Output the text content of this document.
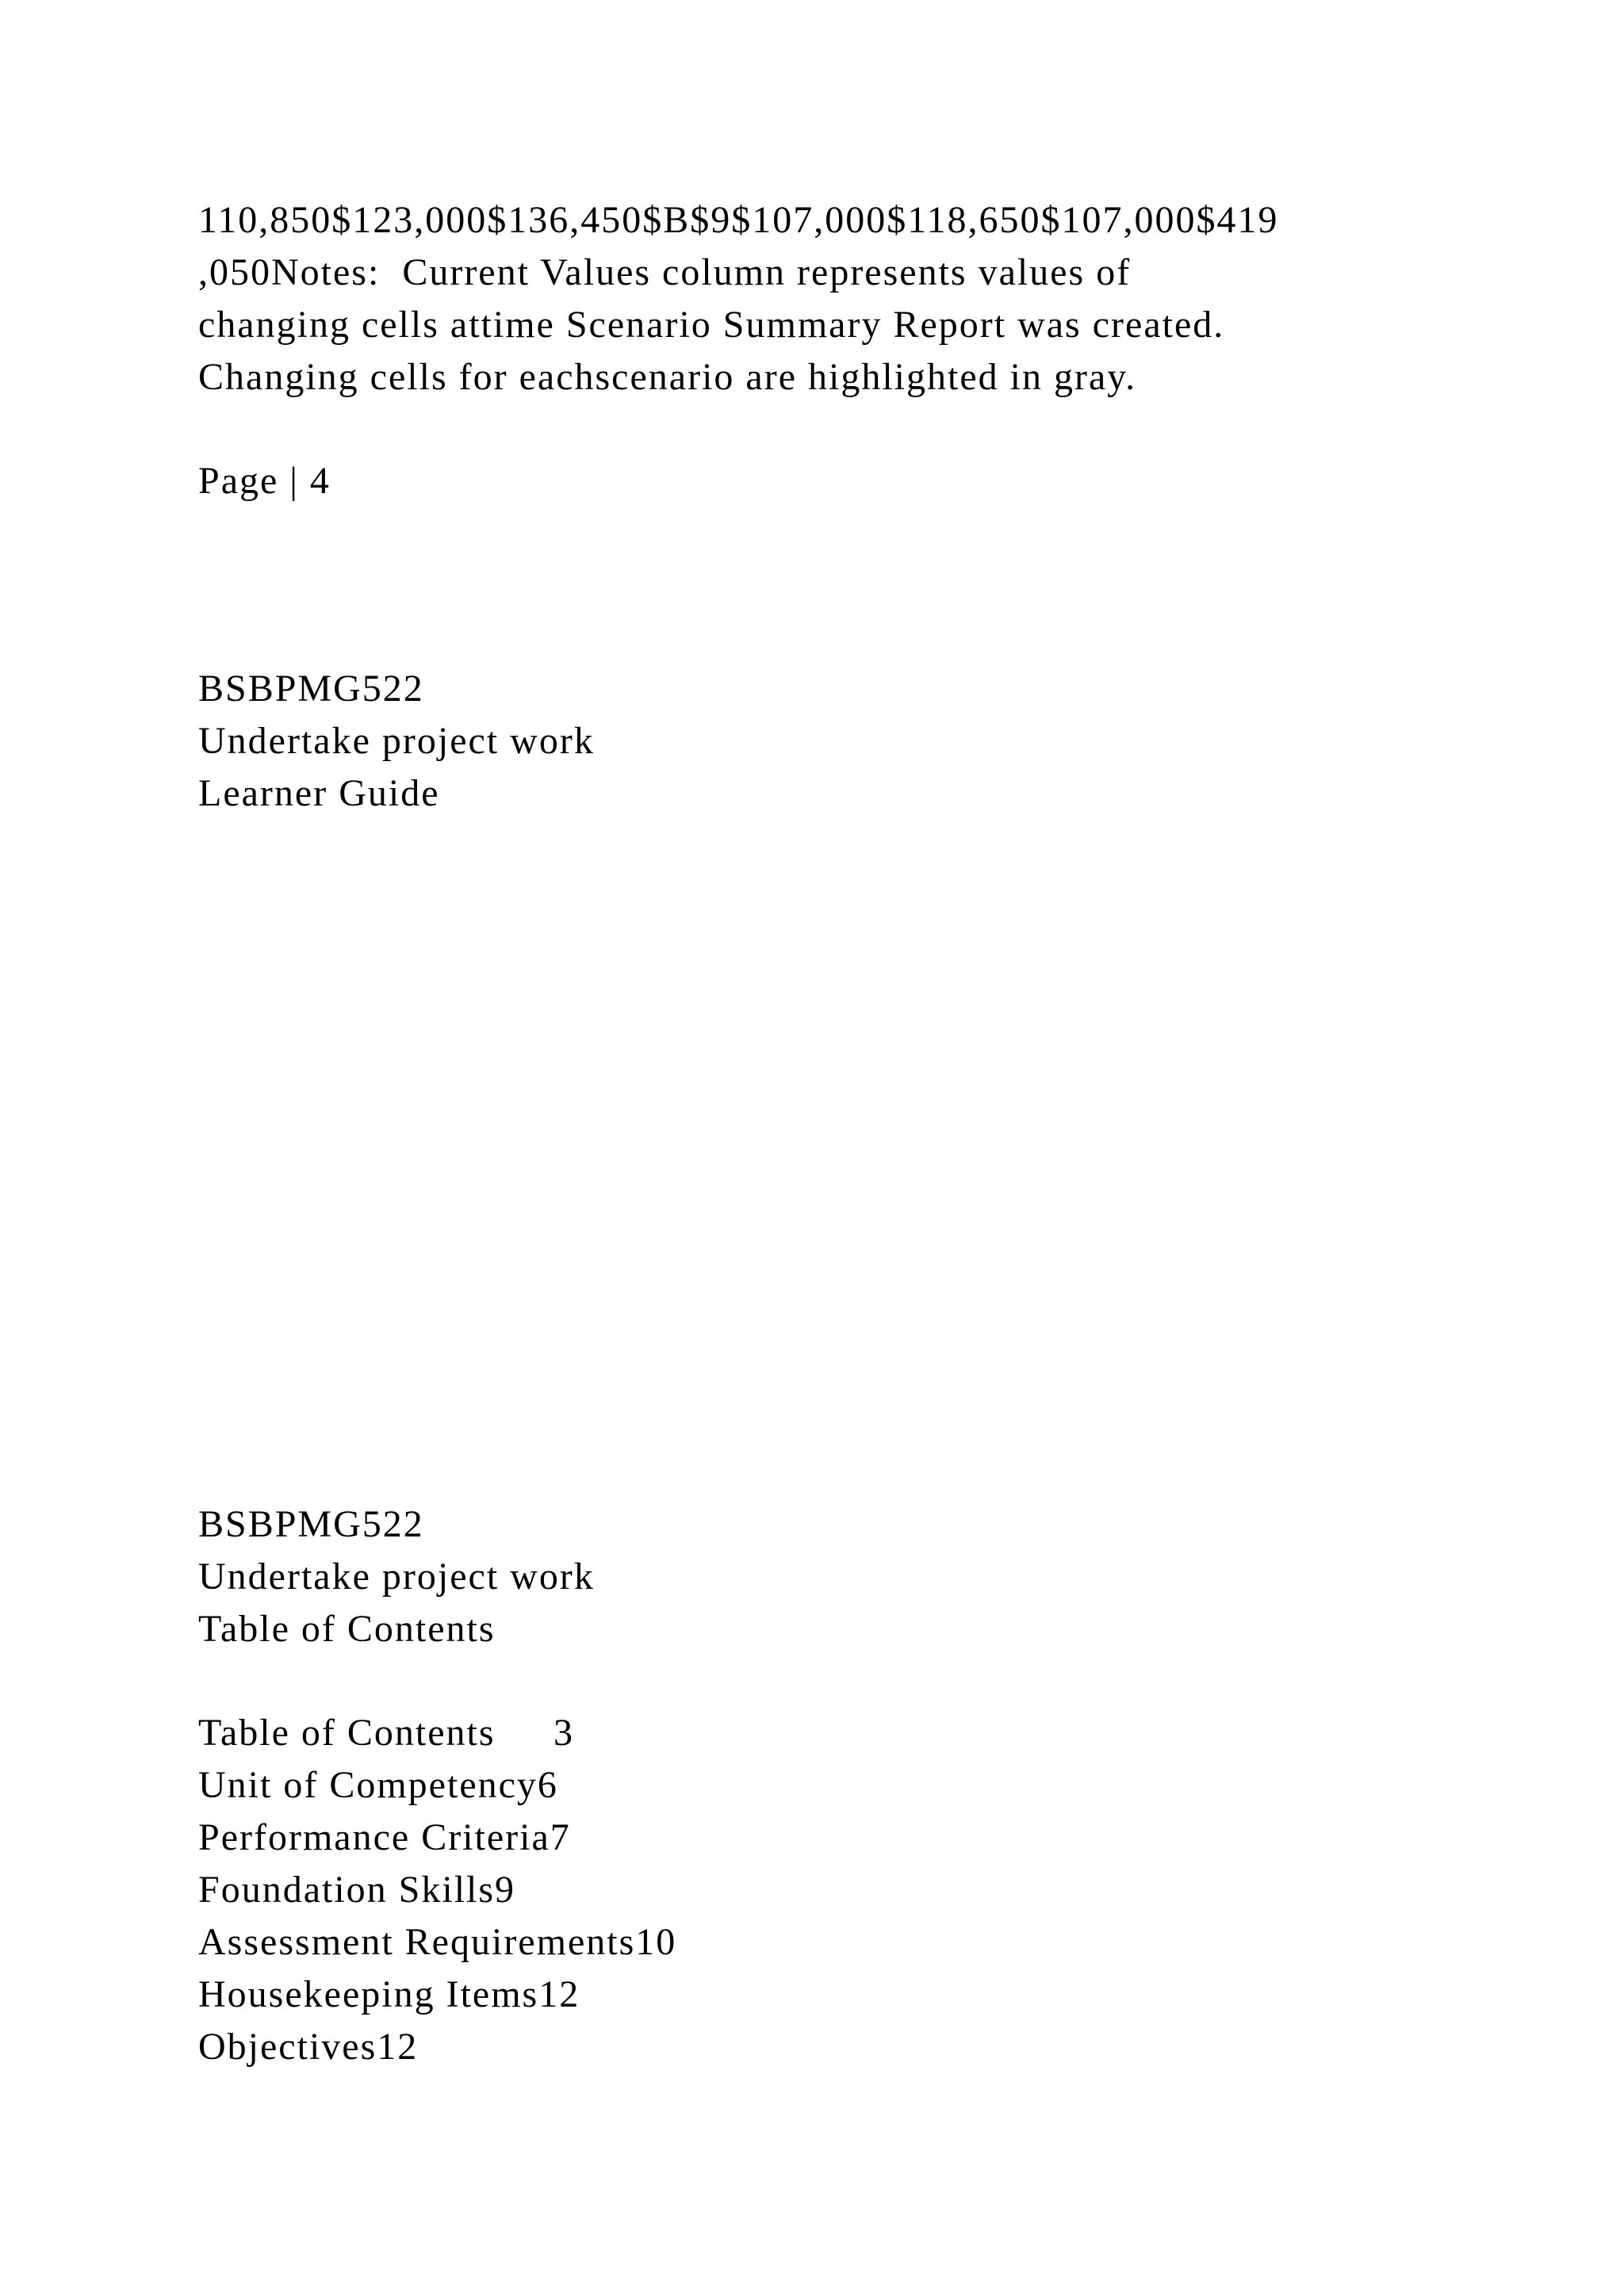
110,850$123,000$136,450$B$9$107,000$118,650$107,000$419
,050Notes:  Current Values column represents values of
changing cells attime Scenario Summary Report was created.
Changing cells for eachscenario are highlighted in gray.
Page | 4
BSBPMG522
Undertake project work
Learner Guide
BSBPMG522
Undertake project work
Table of Contents
Table of Contents	3
Unit of Competency6
Performance Criteria7
Foundation Skills9
Assessment Requirements10
Housekeeping Items12
Objectives12
